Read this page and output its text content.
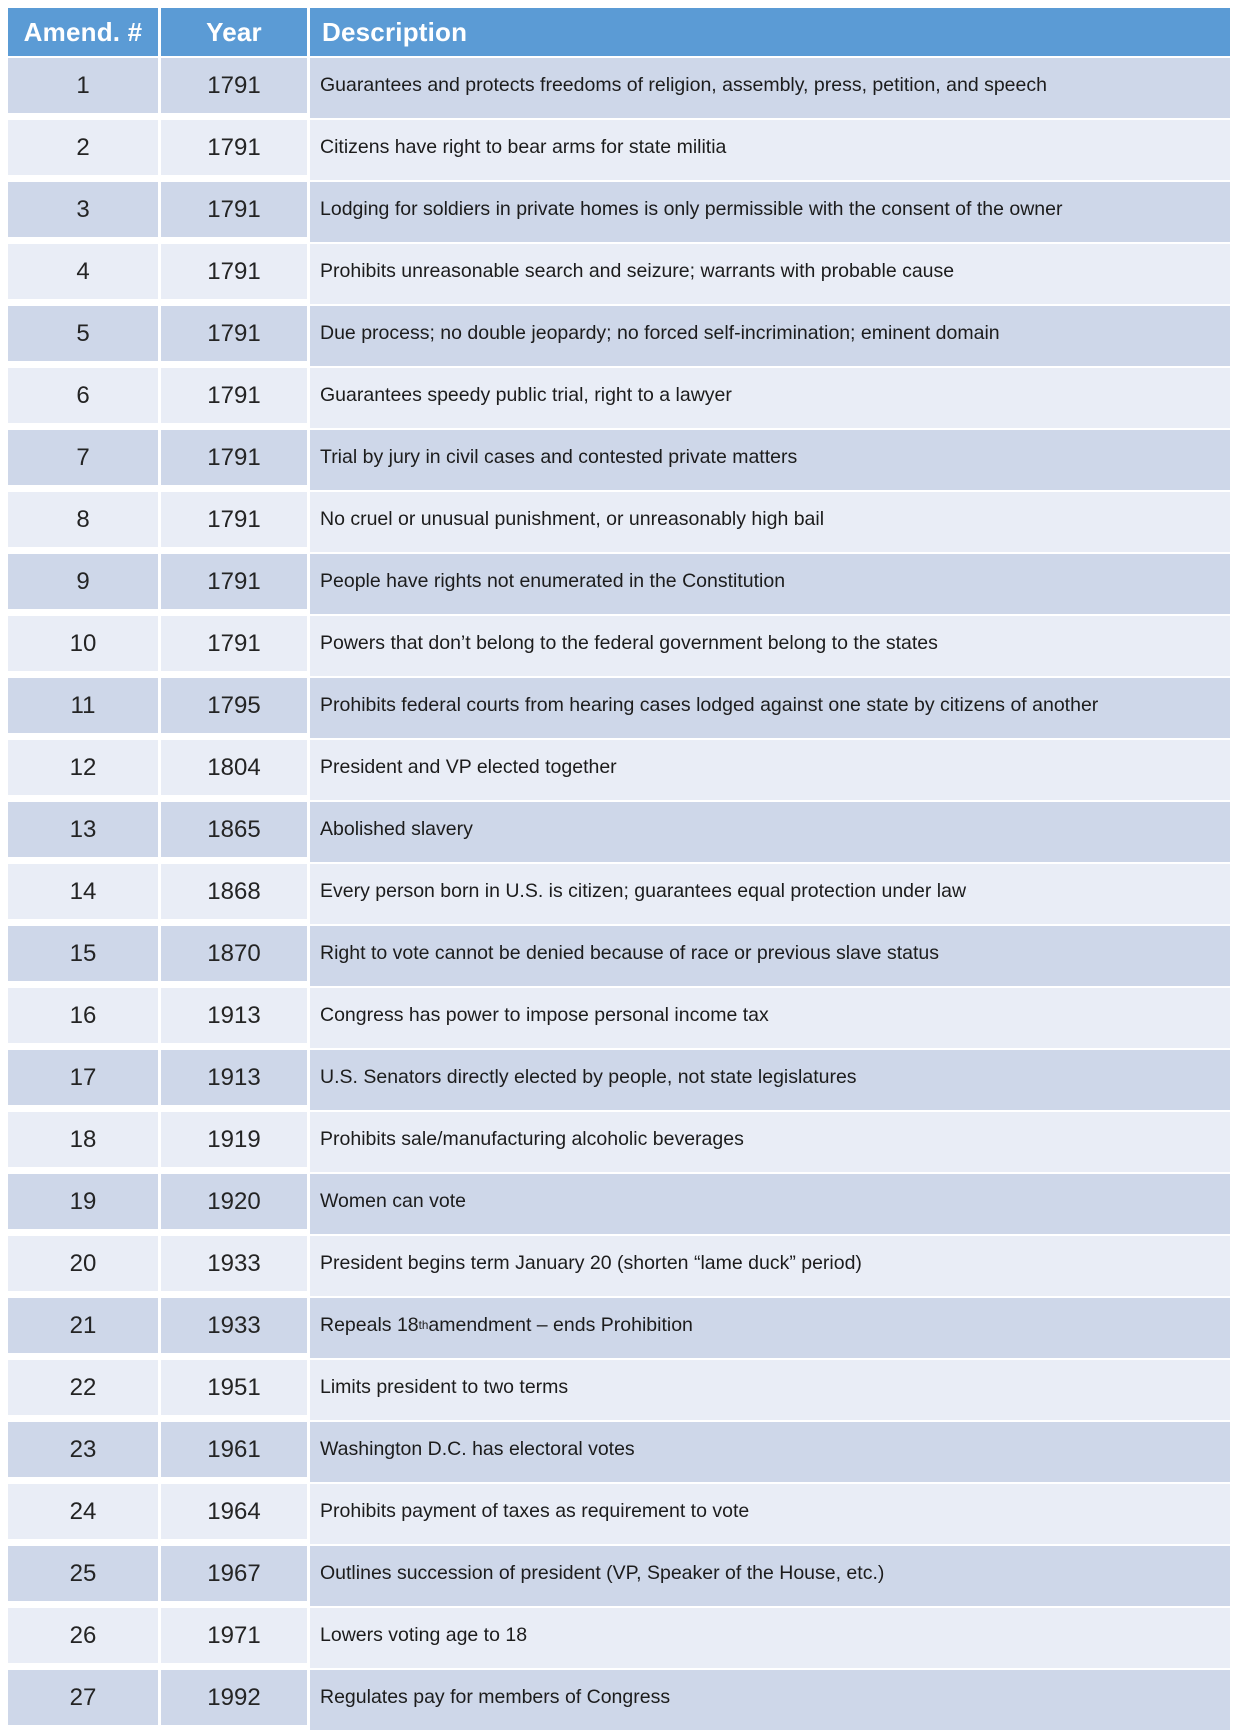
Amend. #	Year	Description
1	1791	Guarantees and protects freedoms of religion, assembly, press, petition, and speech
2	1791	Citizens have right to bear arms for state militia
3	1791	Lodging for soldiers in private homes is only permissible with the consent of the owner
4	1791	Prohibits unreasonable search and seizure; warrants with probable cause
5	1791	Due process; no double jeopardy; no forced self-incrimination; eminent domain
6	1791	Guarantees speedy public trial, right to a lawyer
7	1791	Trial by jury in civil cases and contested private matters
8	1791	No cruel or unusual punishment, or unreasonably high bail
9	1791	People have rights not enumerated in the Constitution
10	1791	Powers that don’t belong to the federal government belong to the states
11	1795	Prohibits federal courts from hearing cases lodged against one state by citizens of another
12	1804	President and VP elected together
13	1865	Abolished slavery
14	1868	Every person born in U.S. is citizen; guarantees equal protection under law
15	1870	Right to vote cannot be denied because of race or previous slave status
16	1913	Congress has power to impose personal income tax
17	1913	U.S. Senators directly elected by people, not state legislatures
18	1919	Prohibits sale/manufacturing alcoholic beverages
19	1920	Women can vote
20	1933	President begins term January 20 (shorten “lame duck” period)
21	1933	Repeals 18 th amendment – ends Prohibition
22	1951	Limits president to two terms
23	1961	Washington D.C. has electoral votes
24	1964	Prohibits payment of taxes as requirement to vote
25	1967	Outlines succession of president (VP, Speaker of the House, etc.)
26	1971	Lowers voting age to 18
27	1992	Regulates pay for members of Congress
